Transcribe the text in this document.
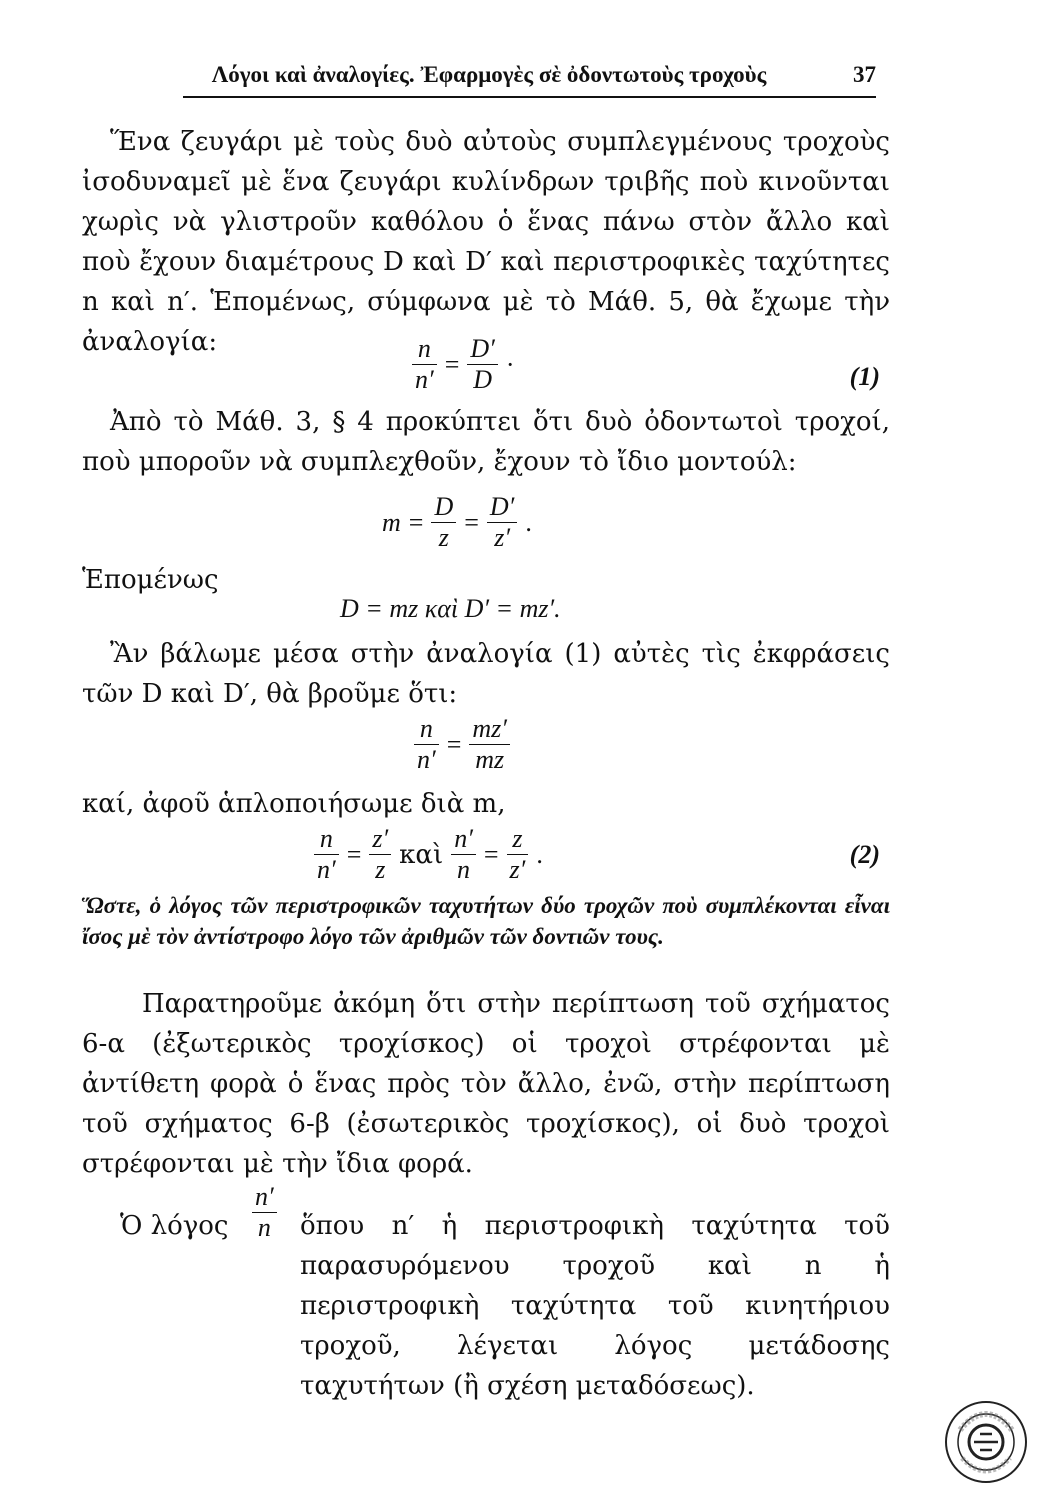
Λόγοι καὶ ἀναλογίες. Ἐφαρμογὲς σὲ ὀδοντωτοὺς τροχοὺς	37
Ἕνα ζευγάρι μὲ τοὺς δυὸ αὐτοὺς συμπλεγμένους τροχοὺς ἰσοδυναμεῖ μὲ ἕνα ζευγάρι κυλίνδρων τριβῆς ποὺ κινοῦνται χωρὶς νὰ γλιστροῦν καθόλου ὁ ἕνας πάνω στὸν ἄλλο καὶ ποὺ ἔχουν διαμέτρους D καὶ D′ καὶ περιστροφικὲς ταχύτητες n καὶ n′. Ἑπομένως, σύμφωνα μὲ τὸ Μάθ. 5, θὰ ἔχωμε τὴν ἀναλογία:	$\frac{n}{n'} = \frac{D'}{D}$ ·	(1)
Ἀπὸ τὸ Μάθ. 3, § 4 προκύπτει ὅτι δυὸ ὀδοντωτοὶ τροχοί, ποὺ μποροῦν νὰ συμπλεχθοῦν, ἔχουν τὸ ἴδιο μοντούλ:
$m = \frac{D}{z} = \frac{D'}{z'}$ .
Ἑπομένως
D = mz καὶ D′ = mz′.
Ἂν βάλωμε μέσα στὴν ἀναλογία (1) αὐτὲς τὶς ἐκφράσεις τῶν D καὶ D′, θὰ βροῦμε ὅτι:
$\frac{n}{n'} = \frac{mz'}{mz}$
καί, ἀφοῦ ἁπλοποιήσωμε διὰ m,
$\frac{n}{n'} = \frac{z'}{z}$ καὶ $\frac{n'}{n} = \frac{z}{z'}$ .	(2)
Ὥστε, ὁ λόγος τῶν περιστροφικῶν ταχυτήτων δύο τροχῶν ποὺ συμπλέκονται εἶναι ἴσος μὲ τὸν ἀντίστροφο λόγο τῶν ἀριθμῶν τῶν δοντιῶν τους.
Παρατηροῦμε ἀκόμη ὅτι στὴν περίπτωση τοῦ σχήματος 6-α (ἐξωτερικὸς τροχίσκος) οἱ τροχοὶ στρέφονται μὲ ἀντίθετη φορὰ ὁ ἕνας πρὸς τὸν ἄλλο, ἐνῶ, στὴν περίπτωση τοῦ σχήματος 6-β (ἐσωτερικὸς τροχίσκος), οἱ δυὸ τροχοὶ στρέφονται μὲ τὴν ἴδια φορά.
Ὁ λόγος $\frac{n'}{n}$ ὅπου n′ ἡ περιστροφικὴ ταχύτητα τοῦ παρασυρόμενου τροχοῦ καὶ n ἡ περιστροφικὴ ταχύτητα τοῦ κινητήριου τροχοῦ, λέγεται λόγος μετάδοσης ταχυτήτων (ἢ σχέση μεταδόσεως).
